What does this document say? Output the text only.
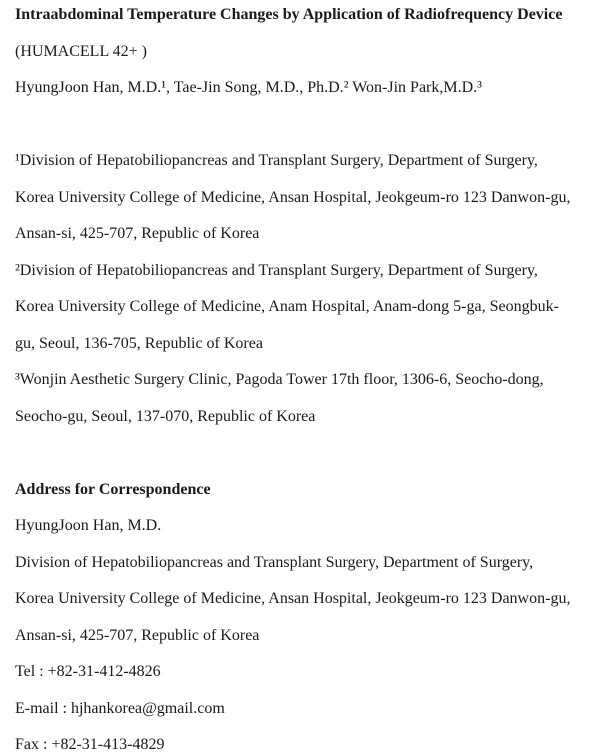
Intraabdominal Temperature Changes by Application of Radiofrequency Device
(HUMACELL 42+ )
HyungJoon Han, M.D.¹, Tae-Jin Song, M.D., Ph.D.² Won-Jin Park,M.D.³
¹Division of Hepatobiliopancreas and Transplant Surgery, Department of Surgery,
Korea University College of Medicine, Ansan Hospital, Jeokgeum-ro 123 Danwon-gu,
Ansan-si, 425-707, Republic of Korea
²Division of Hepatobiliopancreas and Transplant Surgery, Department of Surgery,
Korea University College of Medicine, Anam Hospital, Anam-dong 5-ga, Seongbuk-
gu, Seoul, 136-705, Republic of Korea
³Wonjin Aesthetic Surgery Clinic, Pagoda Tower 17th floor, 1306-6, Seocho-dong,
Seocho-gu, Seoul, 137-070, Republic of Korea
Address for Correspondence
HyungJoon Han, M.D.
Division of Hepatobiliopancreas and Transplant Surgery, Department of Surgery,
Korea University College of Medicine, Ansan Hospital, Jeokgeum-ro 123 Danwon-gu,
Ansan-si, 425-707, Republic of Korea
Tel : +82-31-412-4826
E-mail : hjhankorea@gmail.com
Fax : +82-31-413-4829
